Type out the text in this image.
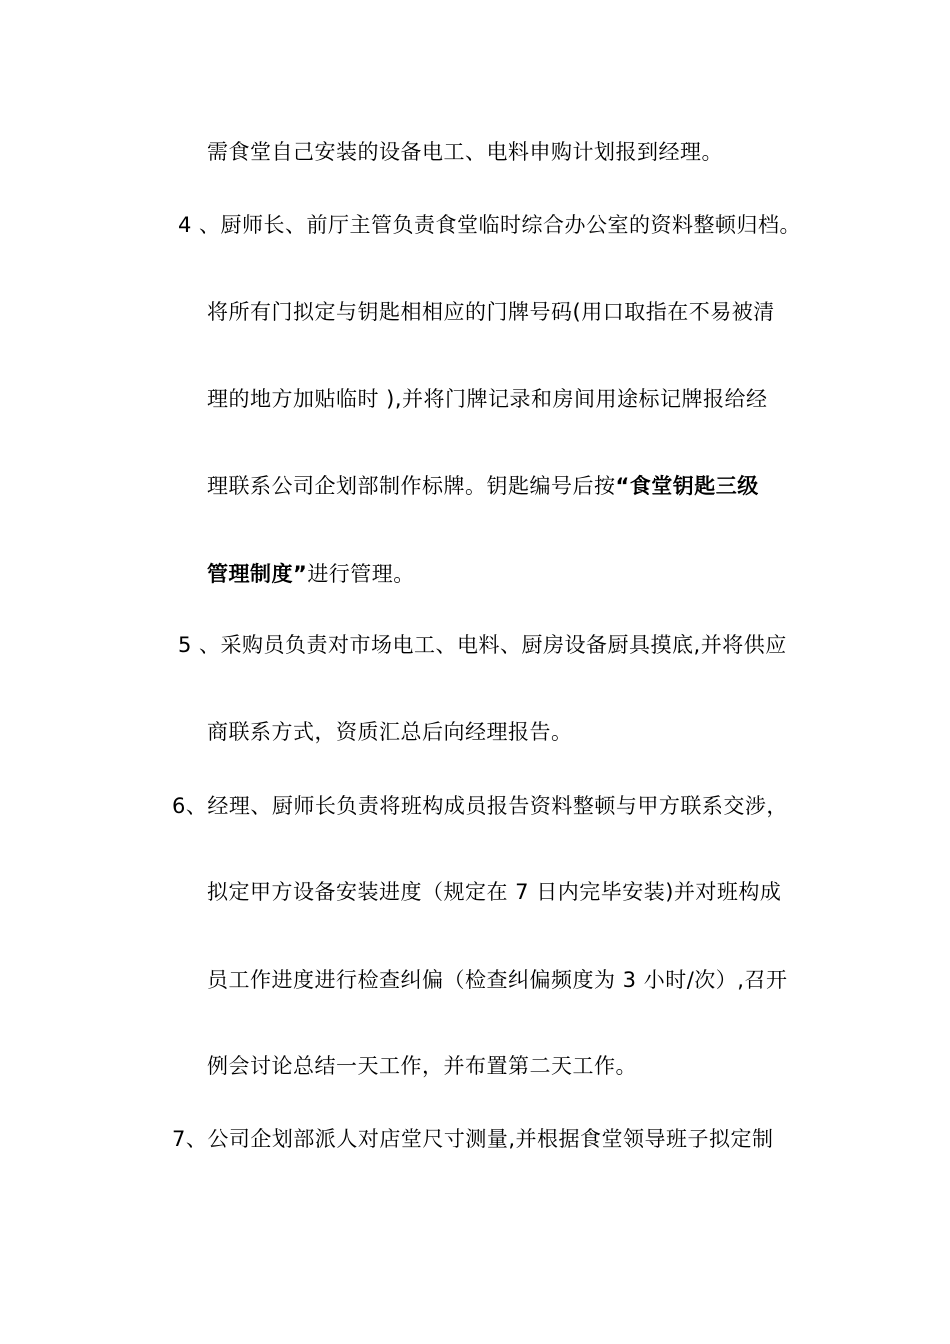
需食堂自己安装的设备电工、电料申购计划报到经理。
4 、厨师长、前厅主管负责食堂临时综合办公室的资料整顿归档。
将所有门拟定与钥匙相相应的门牌号码(用口取指在不易被清
理的地方加贴临时 ),并将门牌记录和房间用途标记牌报给经
理联系公司企划部制作标牌。钥匙编号后按“食堂钥匙三级
管理制度”进行管理。
5 、采购员负责对市场电工、电料、厨房设备厨具摸底,并将供应
商联系方式，资质汇总后向经理报告。
6、经理、厨师长负责将班构成员报告资料整顿与甲方联系交涉，
拟定甲方设备安装进度（规定在 7 日内完毕安装)并对班构成
员工作进度进行检查纠偏（检查纠偏频度为 3 小时/次）,召开
例会讨论总结一天工作，并布置第二天工作。
7、公司企划部派人对店堂尺寸测量,并根据食堂领导班子拟定制
